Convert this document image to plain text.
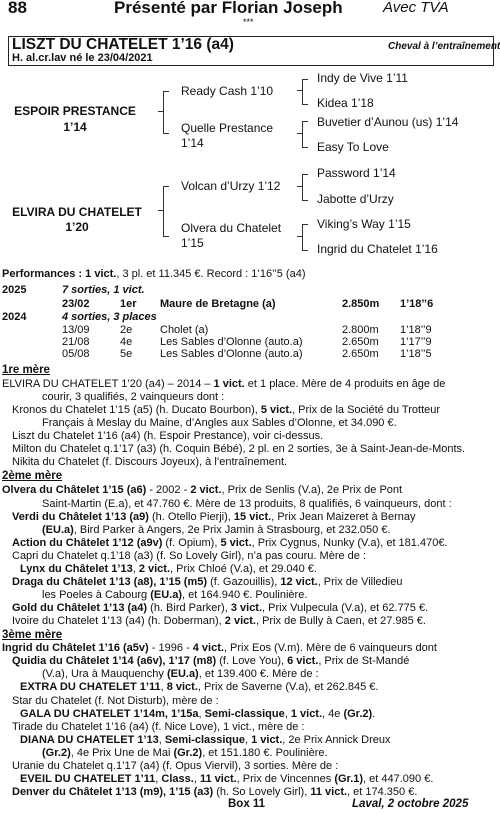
88	Présenté par Florian Joseph	Avec TVA
***
LISZT DU CHATELET 1’16 (a4)	Cheval à l’entraînement
H. al.cr.lav né le 23/04/2021
ESPOIR PRESTANCE
1’14
ELVIRA DU CHATELET
1’20
Ready Cash 1’10
Quelle Prestance
1’14
Volcan d’Urzy 1’12
Olvera du Chatelet
1’15
Indy de Vive 1’11
Kidea 1’18
Buvetier d’Aunou (us) 1’14
Easy To Love
Password 1’14
Jabotte d’Urzy
Viking’s Way 1’15
Ingrid du Chatelet 1’16
Performances : 1 vict., 3 pl. et 11.345 €. Record : 1’16’’5 (a4)
2025	7 sorties, 1 vict.
23/02	1er Maure de Bretagne (a)	2.850m 1’18’’6
2024	4 sorties, 3 places
13/09	2e	Cholet (a)	2.800m 1’18’’9
21/08	4e	Les Sables d’Olonne (auto.a)	2.650m 1’17’’9
05/08	5e	Les Sables d’Olonne (auto.a)	2.650m 1’18’’5
1re mère
ELVIRA DU CHATELET 1’20 (a4) – 2014 – 1 vict. et 1 place. Mère de 4 produits en âge de
courir, 3 qualifiés, 2 vainqueurs dont :
Kronos du Chatelet 1’15 (a5) (h. Ducato Bourbon), 5 vict., Prix de la Société du Trotteur
Français à Meslay du Maine, d’Angles aux Sables d’Olonne, et 34.090 €.
Liszt du Chatelet 1’16 (a4) (h. Espoir Prestance), voir ci-dessus.
Milton du Chatelet q.1’17 (a3) (h. Coquin Bébé), 2 pl. en 2 sorties, 3e à Saint-Jean-de-Monts.
Nikita du Chatelet (f. Discours Joyeux), à l’entraînement.
2ème mère
Olvera du Châtelet 1’15 (a6) - 2002 - 2 vict., Prix de Senlis (V.a), 2e Prix de Pont
Saint-Martin (E.a), et 47.760 €. Mère de 13 produits, 8 qualifiés, 6 vainqueurs, dont :
Verdi du Châtelet 1’13 (a9) (h. Otello Pierji), 15 vict., Prix Jean Maizeret à Bernay
(EU.a), Bird Parker à Angers, 2e Prix Jamin à Strasbourg, et 232.050 €.
Action du Châtelet 1’12 (a9v) (f. Opium), 5 vict., Prix Cygnus, Nunky (V.a), et 181.470€.
Capri du Chatelet q.1’18 (a3) (f. So Lovely Girl), n’a pas couru. Mère de :
Lynx du Châtelet 1’13, 2 vict., Prix Chloé (V.a), et 29.040 €.
Draga du Châtelet 1’13 (a8), 1’15 (m5) (f. Gazouillis), 12 vict., Prix de Villedieu
les Poeles à Cabourg (EU.a), et 164.940 €. Poulinière.
Gold du Châtelet 1’13 (a4) (h. Bird Parker), 3 vict., Prix Vulpecula (V.a), et 62.775 €.
Ivoire du Chatelet 1’13 (a4) (h. Doberman), 2 vict., Prix de Bully à Caen, et 27.985 €.
3ème mère
Ingrid du Châtelet 1’16 (a5v) - 1996 - 4 vict., Prix Eos (V.m). Mère de 6 vainqueurs dont
Quidia du Châtelet 1’14 (a6v), 1’17 (m8) (f. Love You), 6 vict., Prix de St-Mandé
(V.a), Ura à Mauquenchy (EU.a), et 139.400 €. Mère de :
EXTRA DU CHATELET 1’11, 8 vict., Prix de Saverne (V.a), et 262.845 €.
Star du Chatelet (f. Not Disturb), mère de :
GALA DU CHATELET 1’14m, 1’15a, Semi-classique, 1 vict., 4e (Gr.2).
Tirade du Chatelet 1’16 (a4) (f. Nice Love), 1 vict., mère de :
DIANA DU CHATELET 1’13, Semi-classique, 1 vict., 2e Prix Annick Dreux
(Gr.2), 4e Prix Une de Mai (Gr.2), et 151.180 €. Poulinière.
Uranie du Chatelet q.1’17 (a4) (f. Opus Viervil), 3 sorties. Mère de :
EVEIL DU CHATELET 1’11, Class., 11 vict., Prix de Vincennes (Gr.1), et 447.090 €.
Denver du Châtelet 1’13 (m9), 1’15 (a3) (h. So Lovely Girl), 11 vict., et 174.350 €.
Box 11	Laval, 2 octobre 2025
